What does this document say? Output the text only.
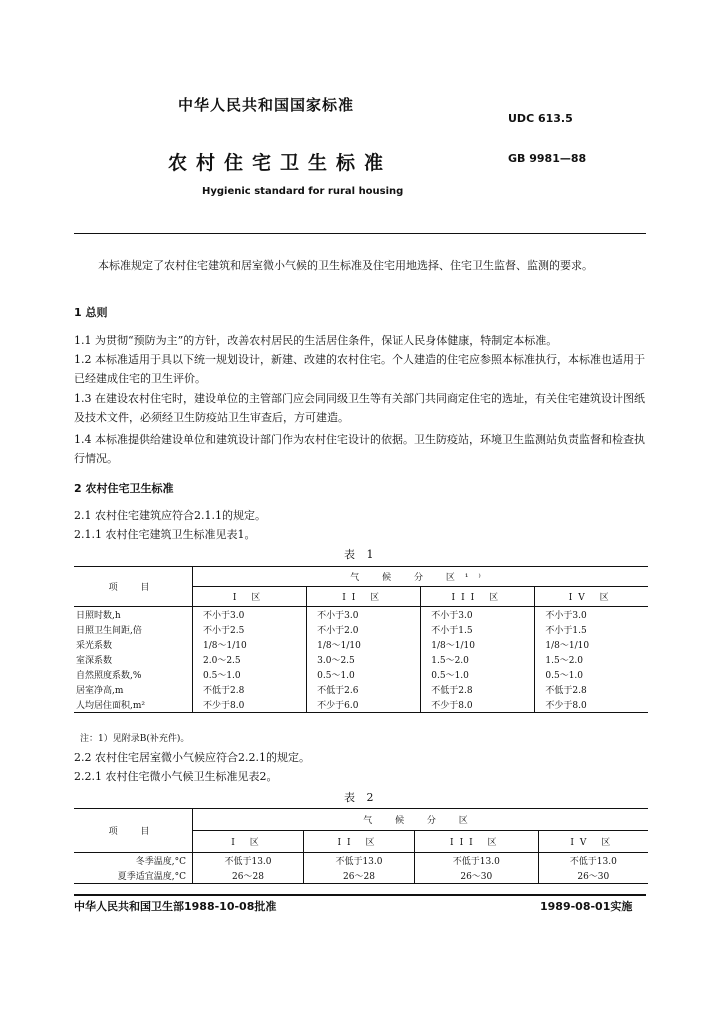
中华人民共和国国家标准
UDC 613.5
农村住宅卫生标准	GB 9981—88
Hygienic standard for rural housing
本标准规定了农村住宅建筑和居室微小气候的卫生标准及住宅用地选择、住宅卫生监督、监测的要求。
1 总则
1.1 为贯彻“预防为主”的方针，改善农村居民的生活居住条件，保证人民身体健康，特制定本标准。
1.2 本标准适用于具以下统一规划设计，新建、改建的农村住宅。个人建造的住宅应参照本标准执行，本标准也适用于已经建成住宅的卫生评价。
1.3 在建设农村住宅时，建设单位的主管部门应会同同级卫生等有关部门共同商定住宅的选址，有关住宅建筑设计图纸及技术文件，必须经卫生防疫站卫生审查后，方可建造。
1.4 本标准提供给建设单位和建筑设计部门作为农村住宅设计的依据。卫生防疫站，环境卫生监测站负责监督和检查执行情况。
2 农村住宅卫生标准
2.1 农村住宅建筑应符合2.1.1的规定。
2.1.1 农村住宅建筑卫生标准见表1。
表 1
项 目	气 候 分 区¹⁾			
	I 区	II 区	III 区	IV 区
日照时数,h	不小于3.0	不小于3.0	不小于3.0	不小于3.0
日照卫生间距,倍	不小于2.5	不小于2.0	不小于1.5	不小于1.5
采光系数	1/8～1/10	1/8～1/10	1/8～1/10	1/8～1/10
室深系数	2.0～2.5	3.0～2.5	1.5～2.0	1.5～2.0
自然照度系数,%	0.5～1.0	0.5～1.0	0.5～1.0	0.5～1.0
居室净高,m	不低于2.8	不低于2.6	不低于2.8	不低于2.8
人均居住面积,m²	不少于8.0	不少于6.0	不少于8.0	不少于8.0
注：1）见附录B(补充件)。
2.2 农村住宅居室微小气候应符合2.2.1的规定。
2.2.1 农村住宅微小气候卫生标准见表2。
表 2
项 目	气 候 分 区			
	I 区	II 区	III 区	IV 区
冬季温度,°C	不低于13.0	不低于13.0	不低于13.0	不低于13.0
夏季适宜温度,°C	26～28	26～28	26～30	26～30
中华人民共和国卫生部1988-10-08批准	1989-08-01实施
